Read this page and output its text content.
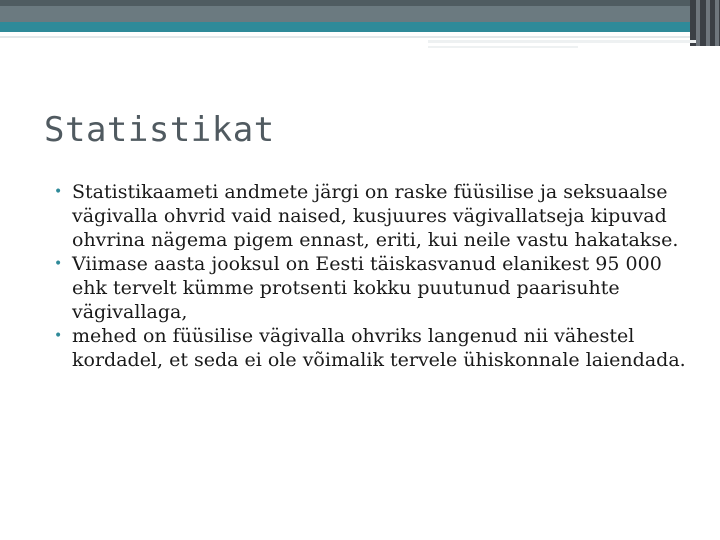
Statistikat
• Statistikaameti andmete järgi on raske füüsilise ja seksuaalse vägivalla ohvrid vaid naised, kusjuures vägivallatseja kipuvad ohvrina nägema pigem ennast, eriti, kui neile vastu hakatakse.
• Viimase aasta jooksul on Eesti täiskasvanud elanikest 95 000 ehk tervelt kümme protsenti kokku puutunud paarisuhte vägivallaga,
• mehed on füüsilise vägivalla ohvriks langenud nii vähestel kordadel, et seda ei ole võimalik tervele ühiskonnale laiendada.
